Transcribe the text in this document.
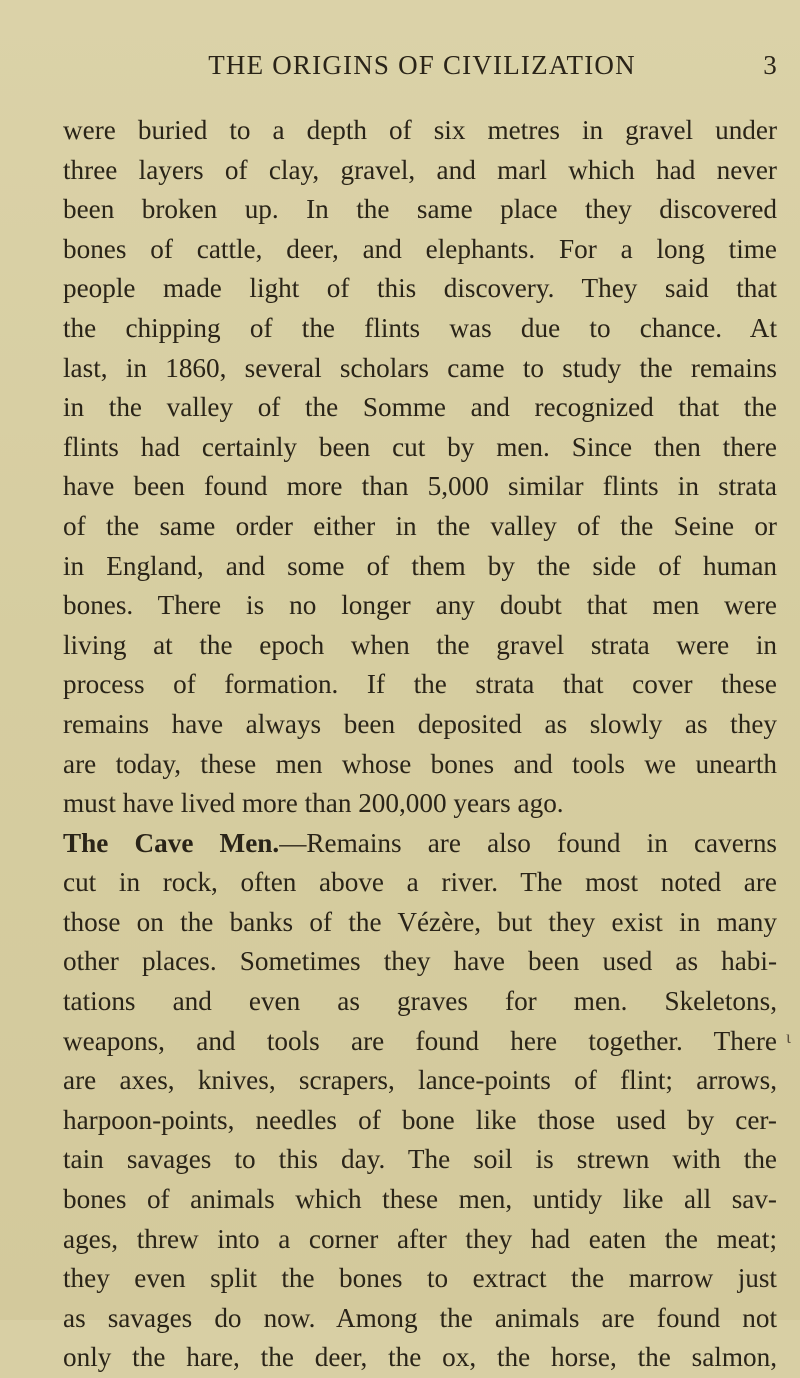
THE ORIGINS OF CIVILIZATION	3
were buried to a depth of six metres in gravel under
three layers of clay, gravel, and marl which had never
been broken up. In the same place they discovered
bones of cattle, deer, and elephants. For a long time
people made light of this discovery. They said that
the chipping of the flints was due to chance. At
last, in 1860, several scholars came to study the remains
in the valley of the Somme and recognized that the
flints had certainly been cut by men. Since then there
have been found more than 5,000 similar flints in strata
of the same order either in the valley of the Seine or
in England, and some of them by the side of human
bones. There is no longer any doubt that men were
living at the epoch when the gravel strata were in
process of formation. If the strata that cover these
remains have always been deposited as slowly as they
are today, these men whose bones and tools we unearth
must have lived more than 200,000 years ago.
The Cave Men.—Remains are also found in caverns
cut in rock, often above a river. The most noted are
those on the banks of the Vézère, but they exist in many
other places. Sometimes they have been used as habi-
tations and even as graves for men. Skeletons,
weapons, and tools are found here together. There
are axes, knives, scrapers, lance-points of flint; arrows,
harpoon-points, needles of bone like those used by cer-
tain savages to this day. The soil is strewn with the
bones of animals which these men, untidy like all sav-
ages, threw into a corner after they had eaten the meat;
they even split the bones to extract the marrow just
as savages do now. Among the animals are found not
only the hare, the deer, the ox, the horse, the salmon,
ι
